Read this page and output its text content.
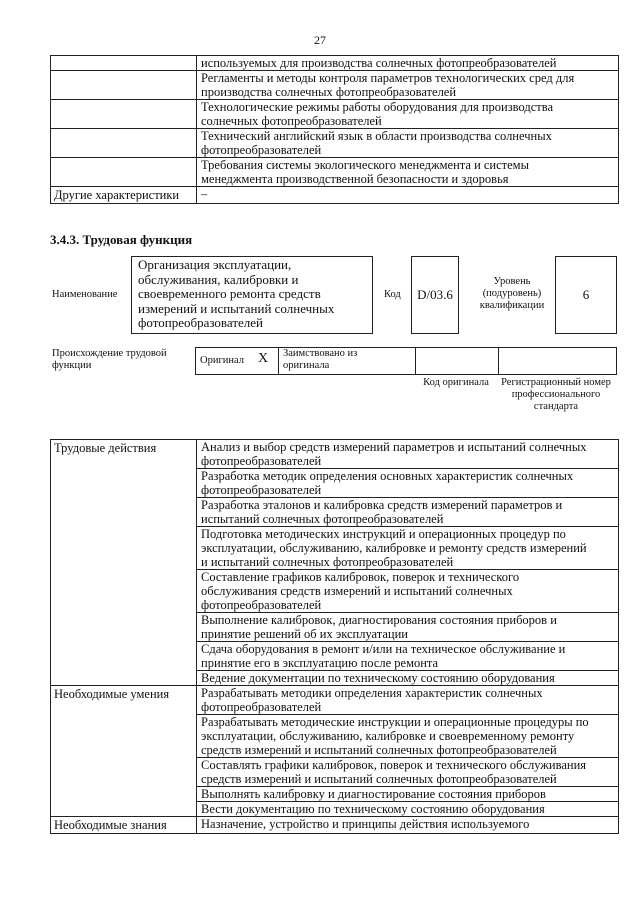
27
	используемых для производства солнечных фотопреобразователей
	Регламенты и методы контроля параметров технологических сред для
производства солнечных фотопреобразователей
	Технологические режимы работы оборудования для производства
солнечных фотопреобразователей
	Технический английский язык в области производства солнечных
фотопреобразователей
	Требования системы экологического менеджмента и системы
менеджмента производственной безопасности и здоровья
Другие характеристики	–
3.4.3. Трудовая функция
Наименование
Организация эксплуатации, обслуживания, калибровки и своевременного ремонта средств измерений и испытаний солнечных фотопреобразователей
Код	D/03.6
Уровень (подуровень) квалификации
6
Происхождение трудовой функции	Оригинал X Заимствовано из оригинала
Код оригинала	Регистрационный номер профессионального стандарта
Трудовые действия	Анализ и выбор средств измерений параметров и испытаний солнечных
фотопреобразователей
	Разработка методик определения основных характеристик солнечных
фотопреобразователей
	Разработка эталонов и калибровка средств измерений параметров и
испытаний солнечных фотопреобразователей
	Подготовка методических инструкций и операционных процедур по
эксплуатации, обслуживанию, калибровке и ремонту средств измерений
и испытаний солнечных фотопреобразователей
	Составление графиков калибровок, поверок и технического
обслуживания средств измерений и испытаний солнечных
фотопреобразователей
	Выполнение калибровок, диагностирования состояния приборов и
принятие решений об их эксплуатации
	Сдача оборудования в ремонт и/или на техническое обслуживание и
принятие его в эксплуатацию после ремонта
	Ведение документации по техническому состоянию оборудования
Необходимые умения	Разрабатывать методики определения характеристик солнечных
фотопреобразователей
	Разрабатывать методические инструкции и операционные процедуры по
эксплуатации, обслуживанию, калибровке и своевременному ремонту
средств измерений и испытаний солнечных фотопреобразователей
	Составлять графики калибровок, поверок и технического обслуживания
средств измерений и испытаний солнечных фотопреобразователей
	Выполнять калибровку и диагностирование состояния приборов
	Вести документацию по техническому состоянию оборудования
Необходимые знания	Назначение, устройство и принципы действия используемого
